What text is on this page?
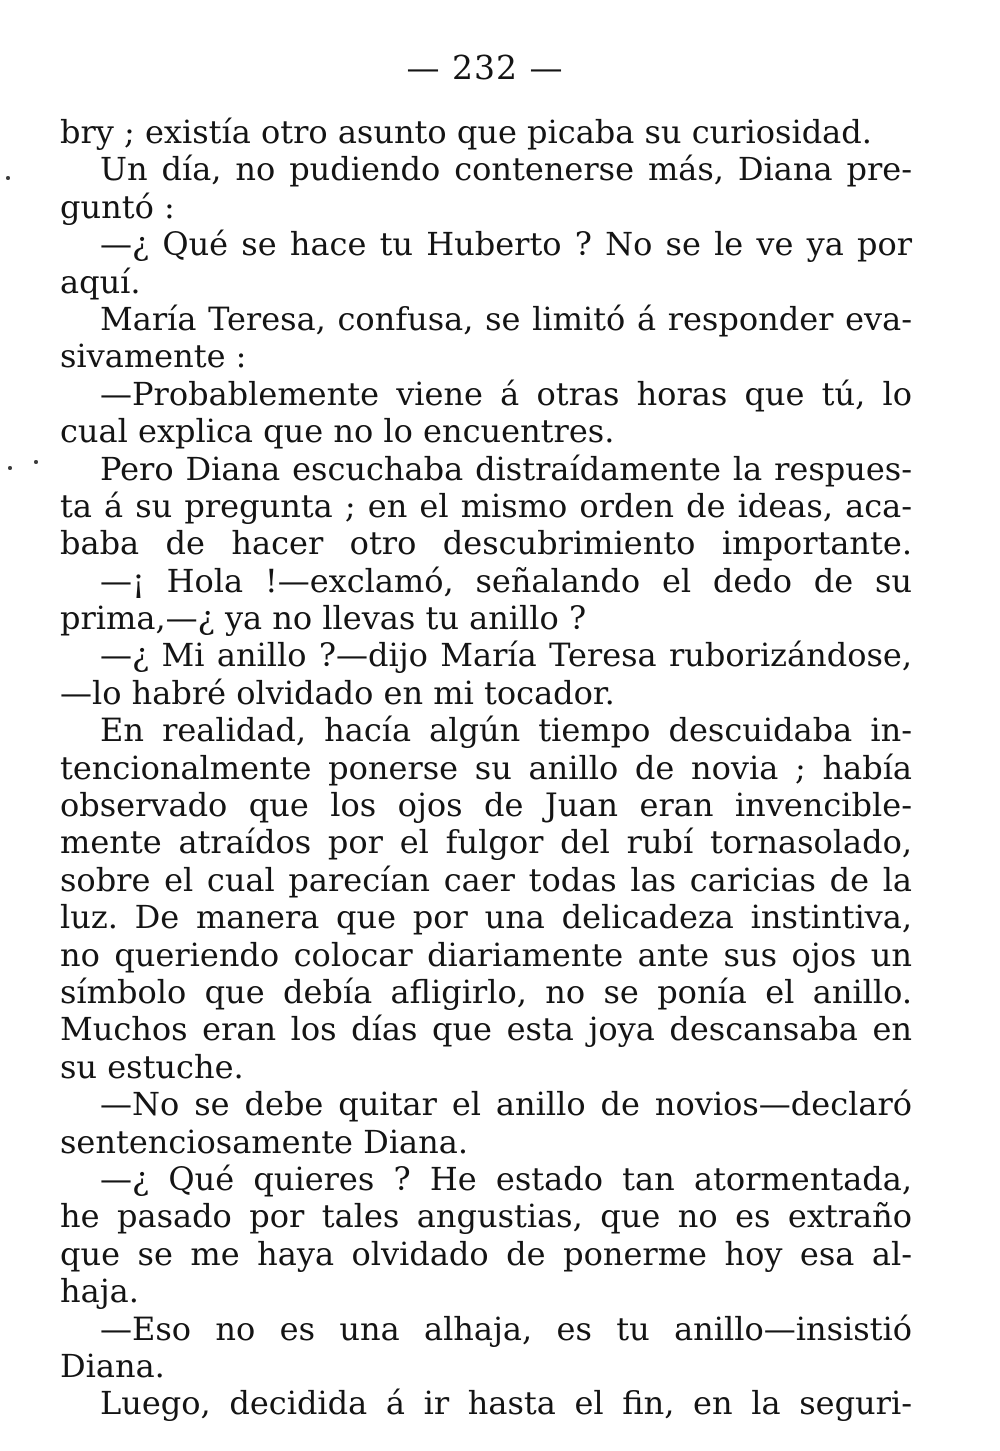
— 232 —
bry ; existía otro asunto que picaba su curiosidad.
Un día, no pudiendo contenerse más, Diana pre-
guntó :
—¿ Qué se hace tu Huberto ? No se le ve ya por
aquí.
María Teresa, confusa, se limitó á responder eva-
sivamente :
—Probablemente viene á otras horas que tú, lo
cual explica que no lo encuentres.
Pero Diana escuchaba distraídamente la respues-
ta á su pregunta ; en el mismo orden de ideas, aca-
baba de hacer otro descubrimiento importante.
—¡ Hola !—exclamó, señalando el dedo de su
prima,—¿ ya no llevas tu anillo ?
—¿ Mi anillo ?—dijo María Teresa ruborizándose,
—lo habré olvidado en mi tocador.
En realidad, hacía algún tiempo descuidaba in-
tencionalmente ponerse su anillo de novia ; había
observado que los ojos de Juan eran invencible-
mente atraídos por el fulgor del rubí tornasolado,
sobre el cual parecían caer todas las caricias de la
luz. De manera que por una delicadeza instintiva,
no queriendo colocar diariamente ante sus ojos un
símbolo que debía afligirlo, no se ponía el anillo.
Muchos eran los días que esta joya descansaba en
su estuche.
—No se debe quitar el anillo de novios—declaró
sentenciosamente Diana.
—¿ Qué quieres ? He estado tan atormentada,
he pasado por tales angustias, que no es extraño
que se me haya olvidado de ponerme hoy esa al-
haja.
—Eso no es una alhaja, es tu anillo—insistió
Diana.
Luego, decidida á ir hasta el fin, en la seguri-
